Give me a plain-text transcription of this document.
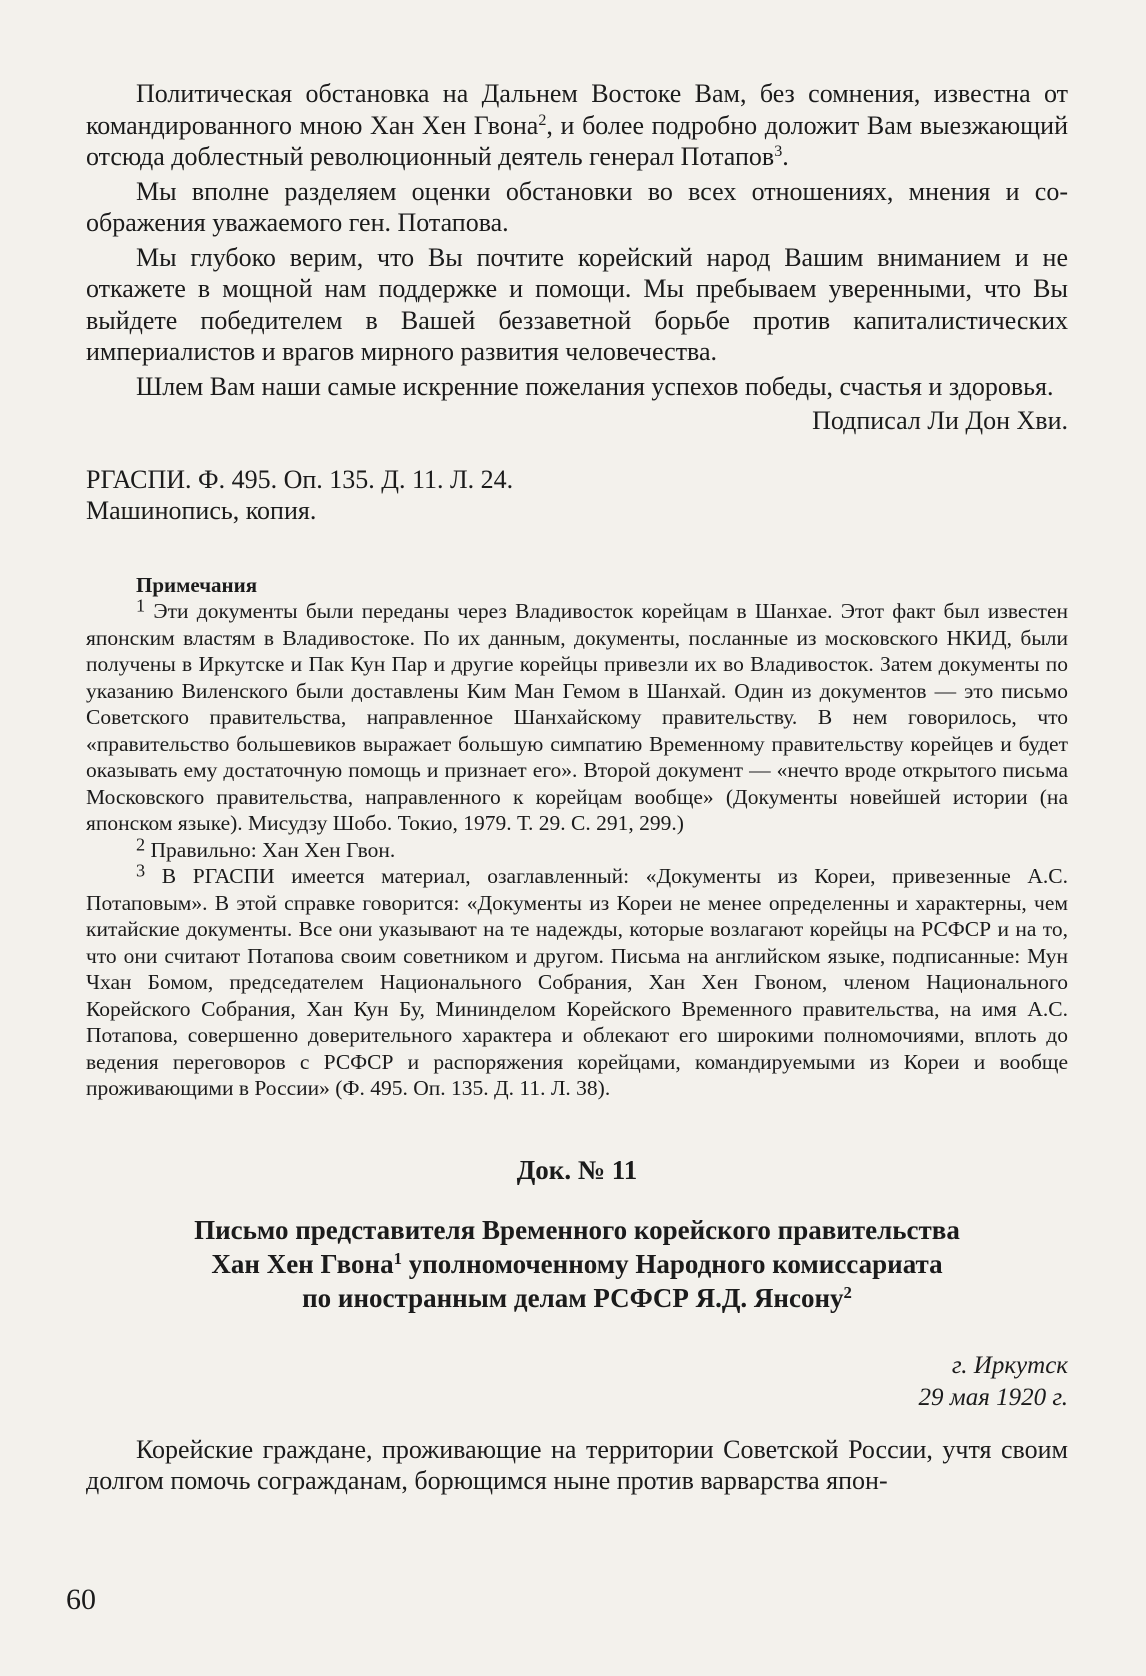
Политическая обстановка на Дальнем Востоке Вам, без сомнения, известна от командированного мною Хан Хен Гвона$^2$, и более подробно доложит Вам выезжающий отсюда доблестный революционный деятель генерал Потапов$^3$.

Мы вполне разделяем оценки обстановки во всех отношениях, мнения и соображения уважаемого ген. Потапова.

Мы глубоко верим, что Вы почтите корейский народ Вашим вниманием и не откажете в мощной нам поддержке и помощи. Мы пребываем уверенными, что Вы выйдете победителем в Вашей беззаветной борьбе против капиталистических империалистов и врагов мирного развития человечества.

Шлем Вам наши самые искренние пожелания успехов победы, счастья и здоровья.

Подписал Ли Дон Хви.

РГАСПИ. Ф. 495. Оп. 135. Д. 11. Л. 24.
Машинопись, копия.
Примечания

$^1$ Эти документы были переданы через Владивосток корейцам в Шанхае. Этот факт был известен японским властям в Владивостоке. По их данным, документы, посланные из московского НКИД, были получены в Иркутске и Пак Кун Пар и другие корейцы привезли их во Владивосток. Затем документы по указанию Виленского были доставлены Ким Ман Гемом в Шанхай. Один из документов — это письмо Советского правительства, направленное Шанхайскому правительству. В нем говорилось, что «правительство большевиков выражает большую симпатию Временному правительству корейцев и будет оказывать ему достаточную помощь и признает его». Второй документ — «нечто вроде открытого письма Московского правительства, направленного к корейцам вообще» (Документы новейшей истории (на японском языке). Мисудзу Шобо. Токио, 1979. Т. 29. С. 291, 299.)

$^2$ Правильно: Хан Хен Гвон.

$^3$ В РГАСПИ имеется материал, озаглавленный: «Документы из Кореи, привезенные А.С. Потаповым». В этой справке говорится: «Документы из Кореи не менее определенны и характерны, чем китайские документы. Все они указывают на те надежды, которые возлагают корейцы на РСФСР и на то, что они считают Потапова своим советником и другом. Письма на английском языке, подписанные: Мун Чхан Бомом, председателем Национального Собрания, Хан Хен Гвоном, членом Национального Корейского Собрания, Хан Кун Бу, Мининделом Корейского Временного правительства, на имя А.С. Потапова, совершенно доверительного характера и облекают его широкими полномочиями, вплоть до ведения переговоров с РСФСР и распоряжения корейцами, командируемыми из Кореи и вообще проживающими в России» (Ф. 495. Оп. 135. Д. 11. Л. 38).

Док. № 11
Письмо представителя Временного корейского правительства
Хан Хен Гвона$^1$ уполномоченному Народного комиссариата
по иностранным делам РСФСР Я.Д. Янсону$^2$
г. Иркутск
29 мая 1920 г.

Корейские граждане, проживающие на территории Советской России, учтя своим долгом помочь согражданам, борющимся ныне против варварства япон-

60
